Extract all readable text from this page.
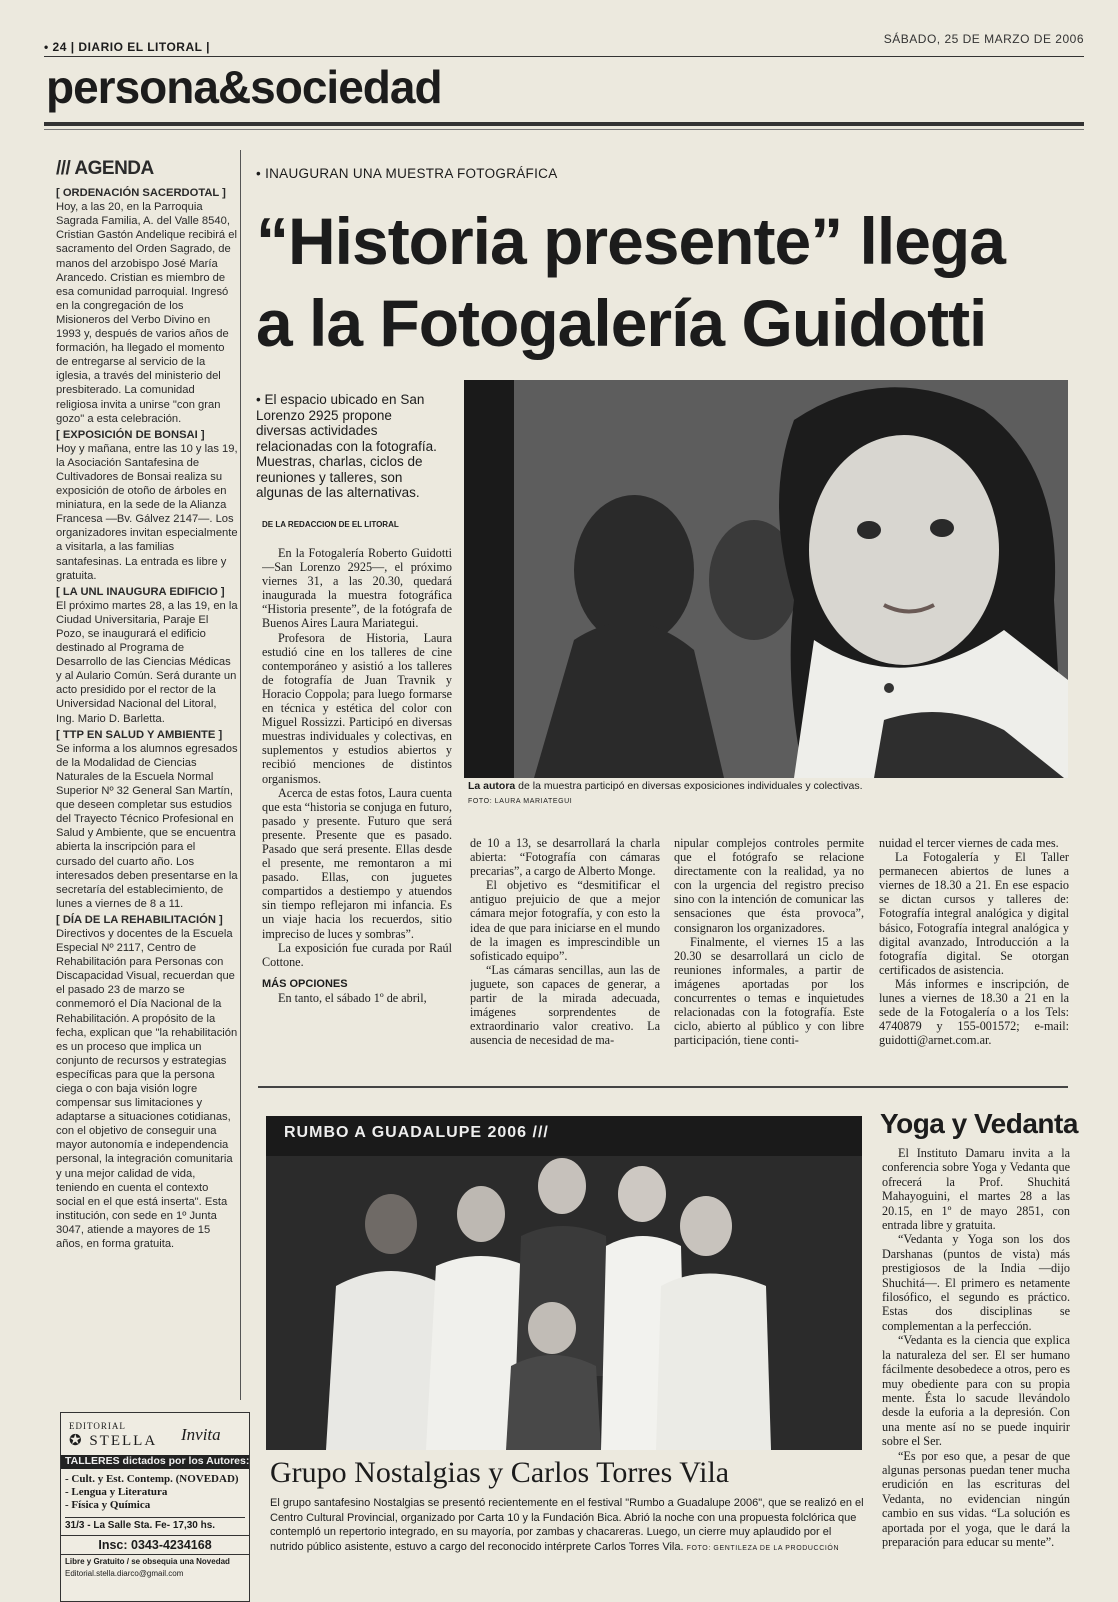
• 24 | DIARIO EL LITORAL |
SÁBADO, 25 DE MARZO DE 2006
persona&sociedad
/// AGENDA
[ ORDENACIÓN SACERDOTAL ]

Hoy, a las 20, en la Parroquia Sagrada Familia, A. del Valle 8540, Cristian Gastón Andelique recibirá el sacramento del Orden Sagrado, de manos del arzobispo José María Arancedo. Cristian es miembro de esa comunidad parroquial. Ingresó en la congregación de los Misioneros del Verbo Divino en 1993 y, después de varios años de formación, ha llegado el momento de entregarse al servicio de la iglesia, a través del ministerio del presbiterado. La comunidad religiosa invita a unirse "con gran gozo" a esta celebración.

[ EXPOSICIÓN DE BONSAI ]

Hoy y mañana, entre las 10 y las 19, la Asociación Santafesina de Cultivadores de Bonsai realiza su exposición de otoño de árboles en miniatura, en la sede de la Alianza Francesa —Bv. Gálvez 2147—. Los organizadores invitan especialmente a visitarla, a las familias santafesinas. La entrada es libre y gratuita.

[ LA UNL INAUGURA EDIFICIO ]

El próximo martes 28, a las 19, en la Ciudad Universitaria, Paraje El Pozo, se inaugurará el edificio destinado al Programa de Desarrollo de las Ciencias Médicas y al Aulario Común. Será durante un acto presidido por el rector de la Universidad Nacional del Litoral, Ing. Mario D. Barletta.

[ TTP EN SALUD Y AMBIENTE ]

Se informa a los alumnos egresados de la Modalidad de Ciencias Naturales de la Escuela Normal Superior Nº 32 General San Martín, que deseen completar sus estudios del Trayecto Técnico Profesional en Salud y Ambiente, que se encuentra abierta la inscripción para el cursado del cuarto año. Los interesados deben presentarse en la secretaría del establecimiento, de lunes a viernes de 8 a 11.

[ DÍA DE LA REHABILITACIÓN ]

Directivos y docentes de la Escuela Especial Nº 2117, Centro de Rehabilitación para Personas con Discapacidad Visual, recuerdan que el pasado 23 de marzo se conmemoró el Día Nacional de la Rehabilitación. A propósito de la fecha, explican que "la rehabilitación es un proceso que implica un conjunto de recursos y estrategias específicas para que la persona ciega o con baja visión logre compensar sus limitaciones y adaptarse a situaciones cotidianas, con el objetivo de conseguir una mayor autonomía e independencia personal, la integración comunitaria y una mejor calidad de vida, teniendo en cuenta el contexto social en el que está inserta". Esta institución, con sede en 1º Junta 3047, atiende a mayores de 15 años, en forma gratuita.

• INAUGURAN UNA MUESTRA FOTOGRÁFICA
“Historia presente” llega
a la Fotogalería Guidotti
• El espacio ubicado en San Lorenzo 2925 propone diversas actividades relacionadas con la fotografía. Muestras, charlas, ciclos de reuniones y talleres, son algunas de las alternativas.
La autora de la muestra participó en diversas exposiciones individuales y colectivas.
FOTO: LAURA MARIATEGUI
DE LA REDACCION DE EL LITORAL

En la Fotogalería Roberto Guidotti —San Lorenzo 2925—, el próximo viernes 31, a las 20.30, quedará inaugurada la muestra fotográfica “Historia presente”, de la fotógrafa de Buenos Aires Laura Mariategui.

Profesora de Historia, Laura estudió cine en los talleres de cine contemporáneo y asistió a los talleres de fotografía de Juan Travnik y Horacio Coppola; para luego formarse en técnica y estética del color con Miguel Rossizzi. Participó en diversas muestras individuales y colectivas, en suplementos y estudios abiertos y recibió menciones de distintos organismos.

Acerca de estas fotos, Laura cuenta que esta “historia se conjuga en futuro, pasado y presente. Futuro que será presente. Presente que es pasado. Pasado que será presente. Ellas desde el presente, me remontaron a mi pasado. Ellas, con juguetes compartidos a destiempo y atuendos sin tiempo reflejaron mi infancia. Es un viaje hacia los recuerdos, sitio impreciso de luces y sombras”.

La exposición fue curada por Raúl Cottone.

MÁS OPCIONES

En tanto, el sábado 1º de abril,

de 10 a 13, se desarrollará la charla abierta: “Fotografía con cámaras precarias”, a cargo de Alberto Monge.

El objetivo es “desmitificar el antiguo prejuicio de que a mejor cámara mejor fotografía, y con esto la idea de que para iniciarse en el mundo de la imagen es imprescindible un sofisticado equipo”.

“Las cámaras sencillas, aun las de juguete, son capaces de generar, a partir de la mirada adecuada, imágenes sorprendentes de extraordinario valor creativo. La ausencia de necesidad de ma-

nipular complejos controles permite que el fotógrafo se relacione directamente con la realidad, ya no con la urgencia del registro preciso sino con la intención de comunicar las sensaciones que ésta provoca”, consignaron los organizadores.

Finalmente, el viernes 15 a las 20.30 se desarrollará un ciclo de reuniones informales, a partir de imágenes aportadas por los concurrentes o temas e inquietudes relacionadas con la fotografía. Este ciclo, abierto al público y con libre participación, tiene conti-

nuidad el tercer viernes de cada mes.

La Fotogalería y El Taller permanecen abiertos de lunes a viernes de 18.30 a 21. En ese espacio se dictan cursos y talleres de: Fotografía integral analógica y digital básico, Fotografía integral analógica y digital avanzado, Introducción a la fotografía digital. Se otorgan certificados de asistencia.

Más informes e inscripción, de lunes a viernes de 18.30 a 21 en la sede de la Fotogalería o a los Tels: 4740879 y 155-001572; e-mail: guidotti@arnet.com.ar.

RUMBO A GUADALUPE 2006 ///
Grupo Nostalgias y Carlos Torres Vila
El grupo santafesino Nostalgias se presentó recientemente en el festival "Rumbo a Guadalupe 2006", que se realizó en el Centro Cultural Provincial, organizado por Carta 10 y la Fundación Bica. Abrió la noche con una propuesta folclórica que contempló un repertorio integrado, en su mayoría, por zambas y chacareras. Luego, un cierre muy aplaudido por el nutrido público asistente, estuvo a cargo del reconocido intérprete Carlos Torres Vila. FOTO: GENTILEZA DE LA PRODUCCIÓN
Yoga y Vedanta

El Instituto Damaru invita a la conferencia sobre Yoga y Vedanta que ofrecerá la Prof. Shuchitá Mahayoguini, el martes 28 a las 20.15, en 1º de mayo 2851, con entrada libre y gratuita.

“Vedanta y Yoga son los dos Darshanas (puntos de vista) más prestigiosos de la India —dijo Shuchitá—. El primero es netamente filosófico, el segundo es práctico. Estas dos disciplinas se complementan a la perfección.

“Vedanta es la ciencia que explica la naturaleza del ser. El ser humano fácilmente desobedece a otros, pero es muy obediente para con su propia mente. Ésta lo sacude llevándolo desde la euforia a la depresión. Con una mente así no se puede inquirir sobre el Ser.

“Es por eso que, a pesar de que algunas personas puedan tener mucha erudición en las escrituras del Vedanta, no evidencian ningún cambio en sus vidas. “La solución es aportada por el yoga, que le dará la preparación para educar su mente”.

EDITORIAL
✪ STELLA Invita
TALLERES dictados por los Autores:
- Cult. y Est. Contemp. (NOVEDAD)
- Lengua y Literatura
- Física y Química
31/3 - La Salle Sta. Fe- 17,30 hs.
Insc: 0343-4234168
Libre y Gratuito / se obsequia una Novedad
Editorial.stella.diarco@gmail.com
